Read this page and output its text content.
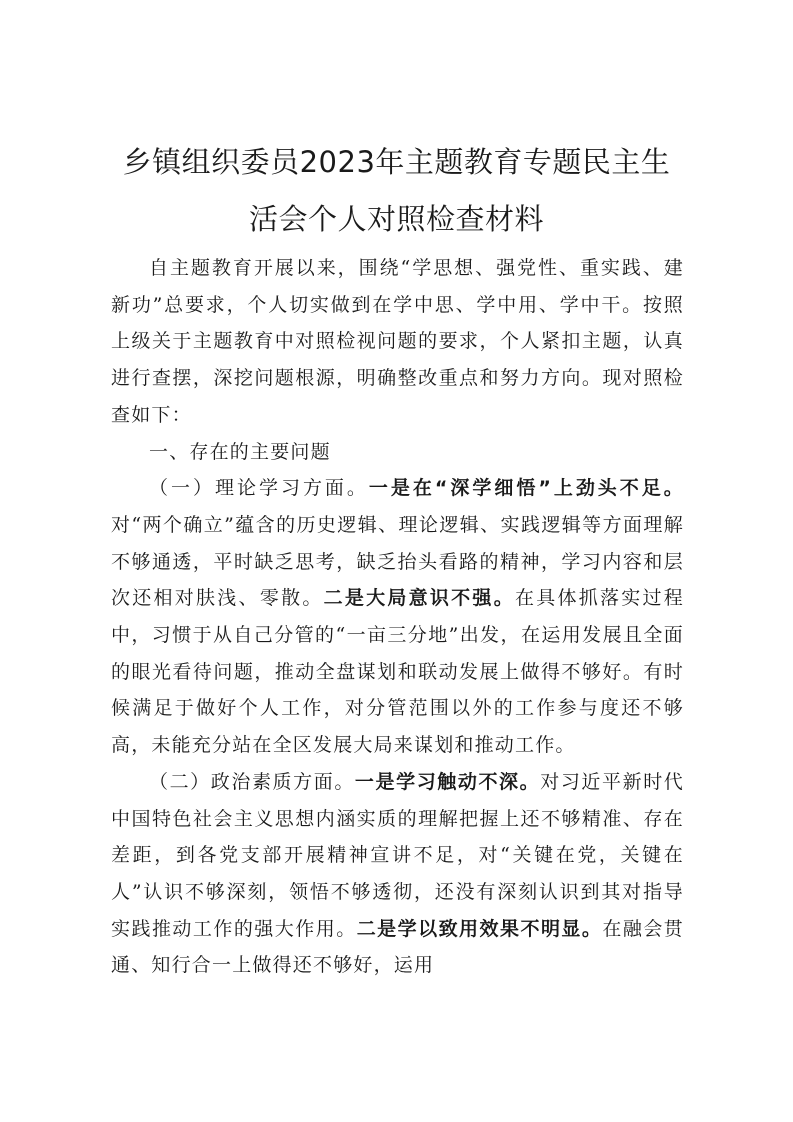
乡镇组织委员2023年主题教育专题民主生
活会个人对照检查材料

自主题教育开展以来，围绕“学思想、强党性、重实践、建新功”总要求，个人切实做到在学中思、学中用、学中干。按照上级关于主题教育中对照检视问题的要求，个人紧扣主题，认真进行查摆，深挖问题根源，明确整改重点和努力方向。现对照检查如下：

一、存在的主要问题

（一）理论学习方面。一是在“深学细悟”上劲头不足。对“两个确立”蕴含的历史逻辑、理论逻辑、实践逻辑等方面理解不够通透，平时缺乏思考，缺乏抬头看路的精神，学习内容和层次还相对肤浅、零散。二是大局意识不强。在具体抓落实过程中，习惯于从自己分管的“一亩三分地”出发，在运用发展且全面的眼光看待问题，推动全盘谋划和联动发展上做得不够好。有时候满足于做好个人工作，对分管范围以外的工作参与度还不够高，未能充分站在全区发展大局来谋划和推动工作。

（二）政治素质方面。一是学习触动不深。对习近平新时代中国特色社会主义思想内涵实质的理解把握上还不够精准、存在差距，到各党支部开展精神宣讲不足，对“关键在党，关键在人”认识不够深刻，领悟不够透彻，还没有深刻认识到其对指导实践推动工作的强大作用。二是学以致用效果不明显。在融会贯通、知行合一上做得还不够好，运用
